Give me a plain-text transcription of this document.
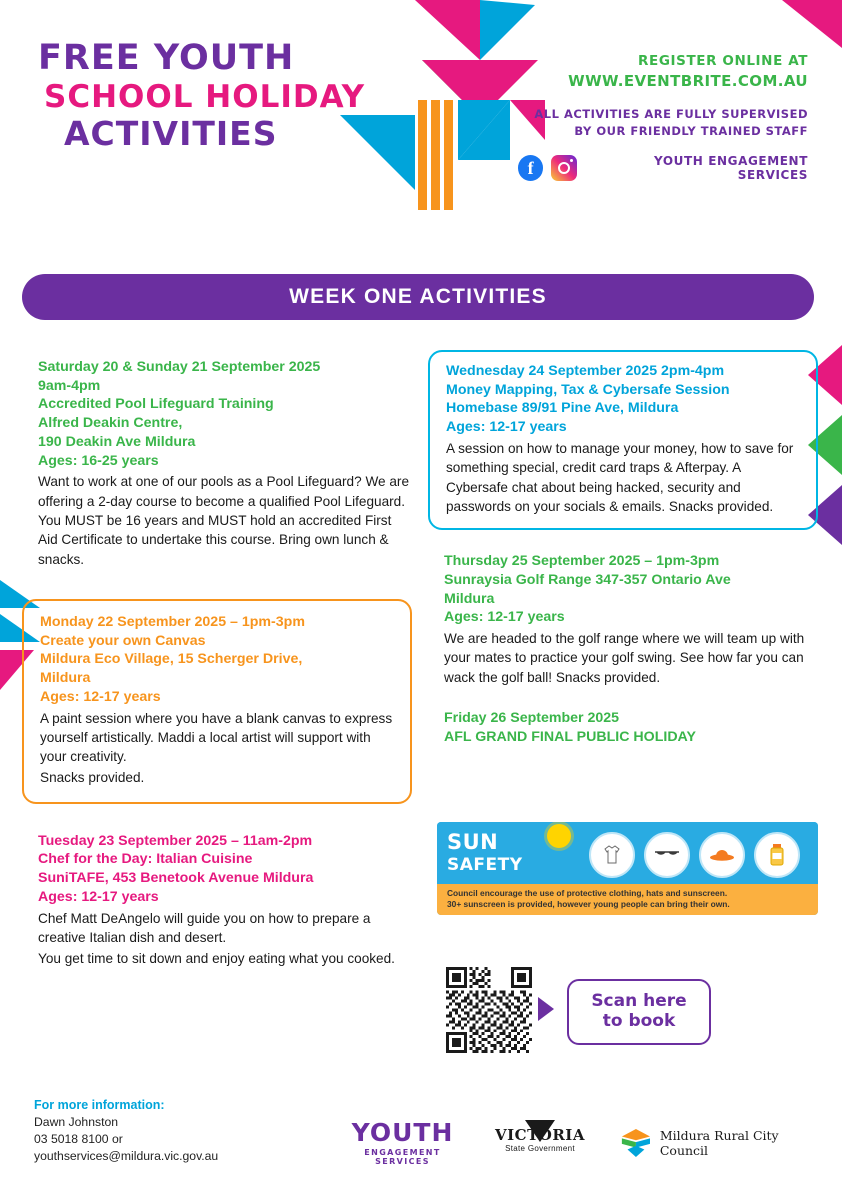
FREE YOUTH
SCHOOL HOLIDAY
ACTIVITIES
REGISTER ONLINE AT
WWW.EVENTBRITE.COM.AU
ALL ACTIVITIES ARE FULLY SUPERVISED
BY OUR FRIENDLY TRAINED STAFF
f	YOUTH ENGAGEMENT SERVICES
WEEK ONE ACTIVITIES
Saturday 20 & Sunday 21 September 2025
9am-4pm
Accredited Pool Lifeguard Training
Alfred Deakin Centre,
190 Deakin Ave Mildura
Ages: 16-25 years
Want to work at one of our pools as a Pool Lifeguard? We are offering a 2-day course to become a qualified Pool Lifeguard. You MUST be 16 years and MUST hold an accredited First Aid Certificate to undertake this course. Bring own lunch & snacks.
Monday 22 September 2025 – 1pm-3pm
Create your own Canvas
Mildura Eco Village, 15 Scherger Drive,
Mildura
Ages: 12-17 years
A paint session where you have a blank canvas to express yourself artistically. Maddi a local artist will support with your creativity.
Snacks provided.
Tuesday 23 September 2025 – 11am-2pm
Chef for the Day: Italian Cuisine
SuniTAFE, 453 Benetook Avenue Mildura
Ages: 12-17 years
Chef Matt DeAngelo will guide you on how to prepare a creative Italian dish and desert.
You get time to sit down and enjoy eating what you cooked.
Wednesday 24 September 2025 2pm-4pm
Money Mapping, Tax & Cybersafe Session
Homebase 89/91 Pine Ave, Mildura
Ages: 12-17 years
A session on how to manage your money, how to save for something special, credit card traps & Afterpay. A Cybersafe chat about being hacked, security and passwords on your socials & emails. Snacks provided.
Thursday 25 September 2025 – 1pm-3pm
Sunraysia Golf Range 347-357 Ontario Ave
Mildura
Ages: 12-17 years
We are headed to the golf range where we will team up with your mates to practice your golf swing. See how far you can wack the golf ball! Snacks provided.
Friday 26 September 2025
AFL GRAND FINAL PUBLIC HOLIDAY
SUN
SAFETY

Council encourage the use of protective clothing, hats and sunscreen.

30+ sunscreen is provided, however young people can bring their own.

Scan here
to book
For more information:
Dawn Johnston
03 5018 8100 or
youthservices@mildura.vic.gov.au
YOUTH
ENGAGEMENT SERVICES
VICTORIA
State Government
Mildura Rural City Council
